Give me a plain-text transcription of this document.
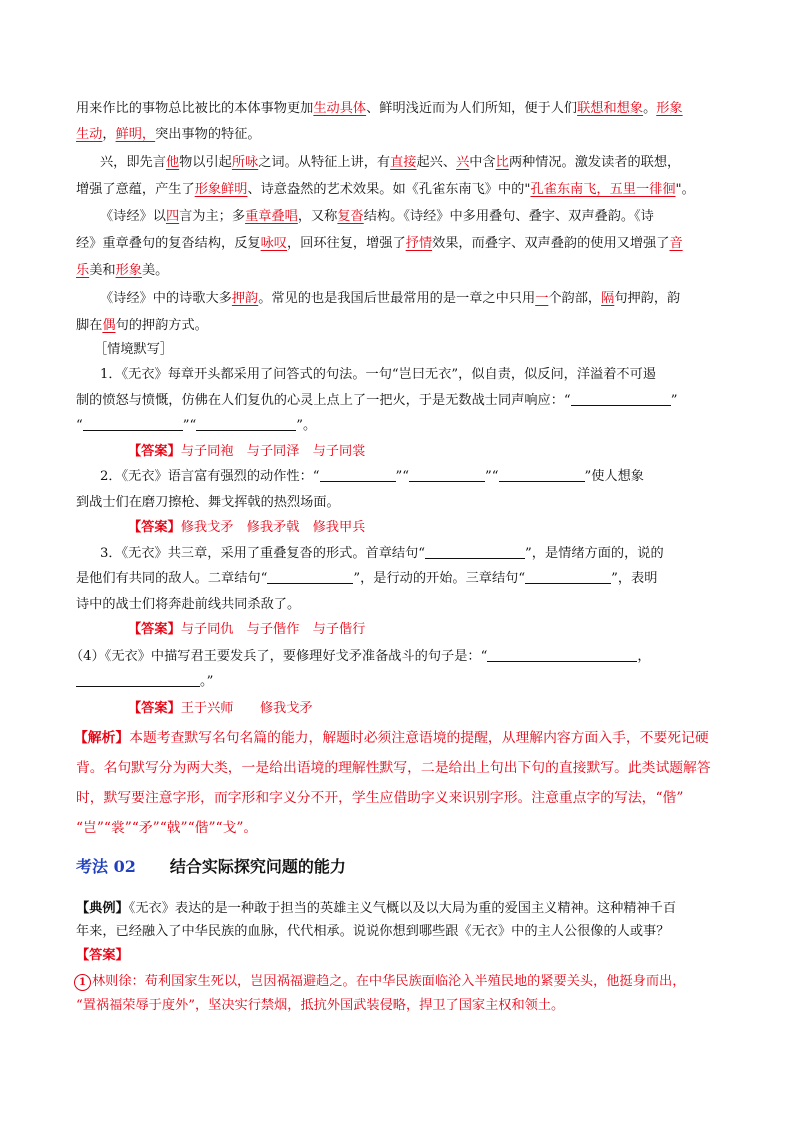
用来作比的事物总比被比的本体事物更加生动具体、鲜明浅近而为人们所知，便于人们联想和想象。形象
生动，鲜明，突出事物的特征。
兴，即先言他物以引起所咏之词。从特征上讲，有直接起兴、兴中含比两种情况。激发读者的联想，
增强了意蕴，产生了形象鲜明、诗意盎然的艺术效果。如《孔雀东南飞》中的"孔雀东南飞，五里一徘徊"。
《诗经》以四言为主；多重章叠唱，又称复沓结构。《诗经》中多用叠句、叠字、双声叠韵。《诗
经》重章叠句的复沓结构，反复咏叹，回环往复，增强了抒情效果，而叠字、双声叠韵的使用又增强了音
乐美和形象美。
《诗经》中的诗歌大多押韵。常见的也是我国后世最常用的是一章之中只用一个韵部，隔句押韵，韵
脚在偶句的押韵方式。
［情境默写］
1．《无衣》每章开头都采用了问答式的句法。一句“岂曰无衣”，似自责，似反问，洋溢着不可遏
制的愤怒与愤慨，仿佛在人们复仇的心灵上点上了一把火，于是无数战士同声响应：“	”
“	”“	”。
【答案】与子同袍　与子同泽　与子同裳
2．《无衣》语言富有强烈的动作性：“	”“	”“	”使人想象
到战士们在磨刀擦枪、舞戈挥戟的热烈场面。
【答案】修我戈矛　修我矛戟　修我甲兵
3．《无衣》共三章，采用了重叠复沓的形式。首章结句“	”，是情绪方面的，说的
是他们有共同的敌人。二章结句“	”，是行动的开始。三章结句“	”，表明
诗中的战士们将奔赴前线共同杀敌了。
【答案】与子同仇　与子偕作　与子偕行
（4）《无衣》中描写君王要发兵了，要修理好戈矛准备战斗的句子是：“	，
。”
【答案】王于兴师　　修我戈矛
【解析】本题考查默写名句名篇的能力，解题时必须注意语境的提醒，从理解内容方面入手，不要死记硬
背。名句默写分为两大类，一是给出语境的理解性默写，二是给出上句出下句的直接默写。此类试题解答
时，默写要注意字形，而字形和字义分不开，学生应借助字义来识别字形。注意重点字的写法，“偕”
“岂”“裳”“矛”“戟”“偕”“戈”。
考法 02 结合实际探究问题的能力
【典例】《无衣》表达的是一种敢于担当的英雄主义气概以及以大局为重的爱国主义精神。这种精神千百
年来，已经融入了中华民族的血脉，代代相承。说说你想到哪些跟《无衣》中的主人公很像的人或事？
【答案】
1 林则徐：苟利国家生死以，岂因祸福避趋之。在中华民族面临沦入半殖民地的紧要关头，他挺身而出，
“置祸福荣辱于度外”，坚决实行禁烟，抵抗外国武装侵略，捍卫了国家主权和领土。
